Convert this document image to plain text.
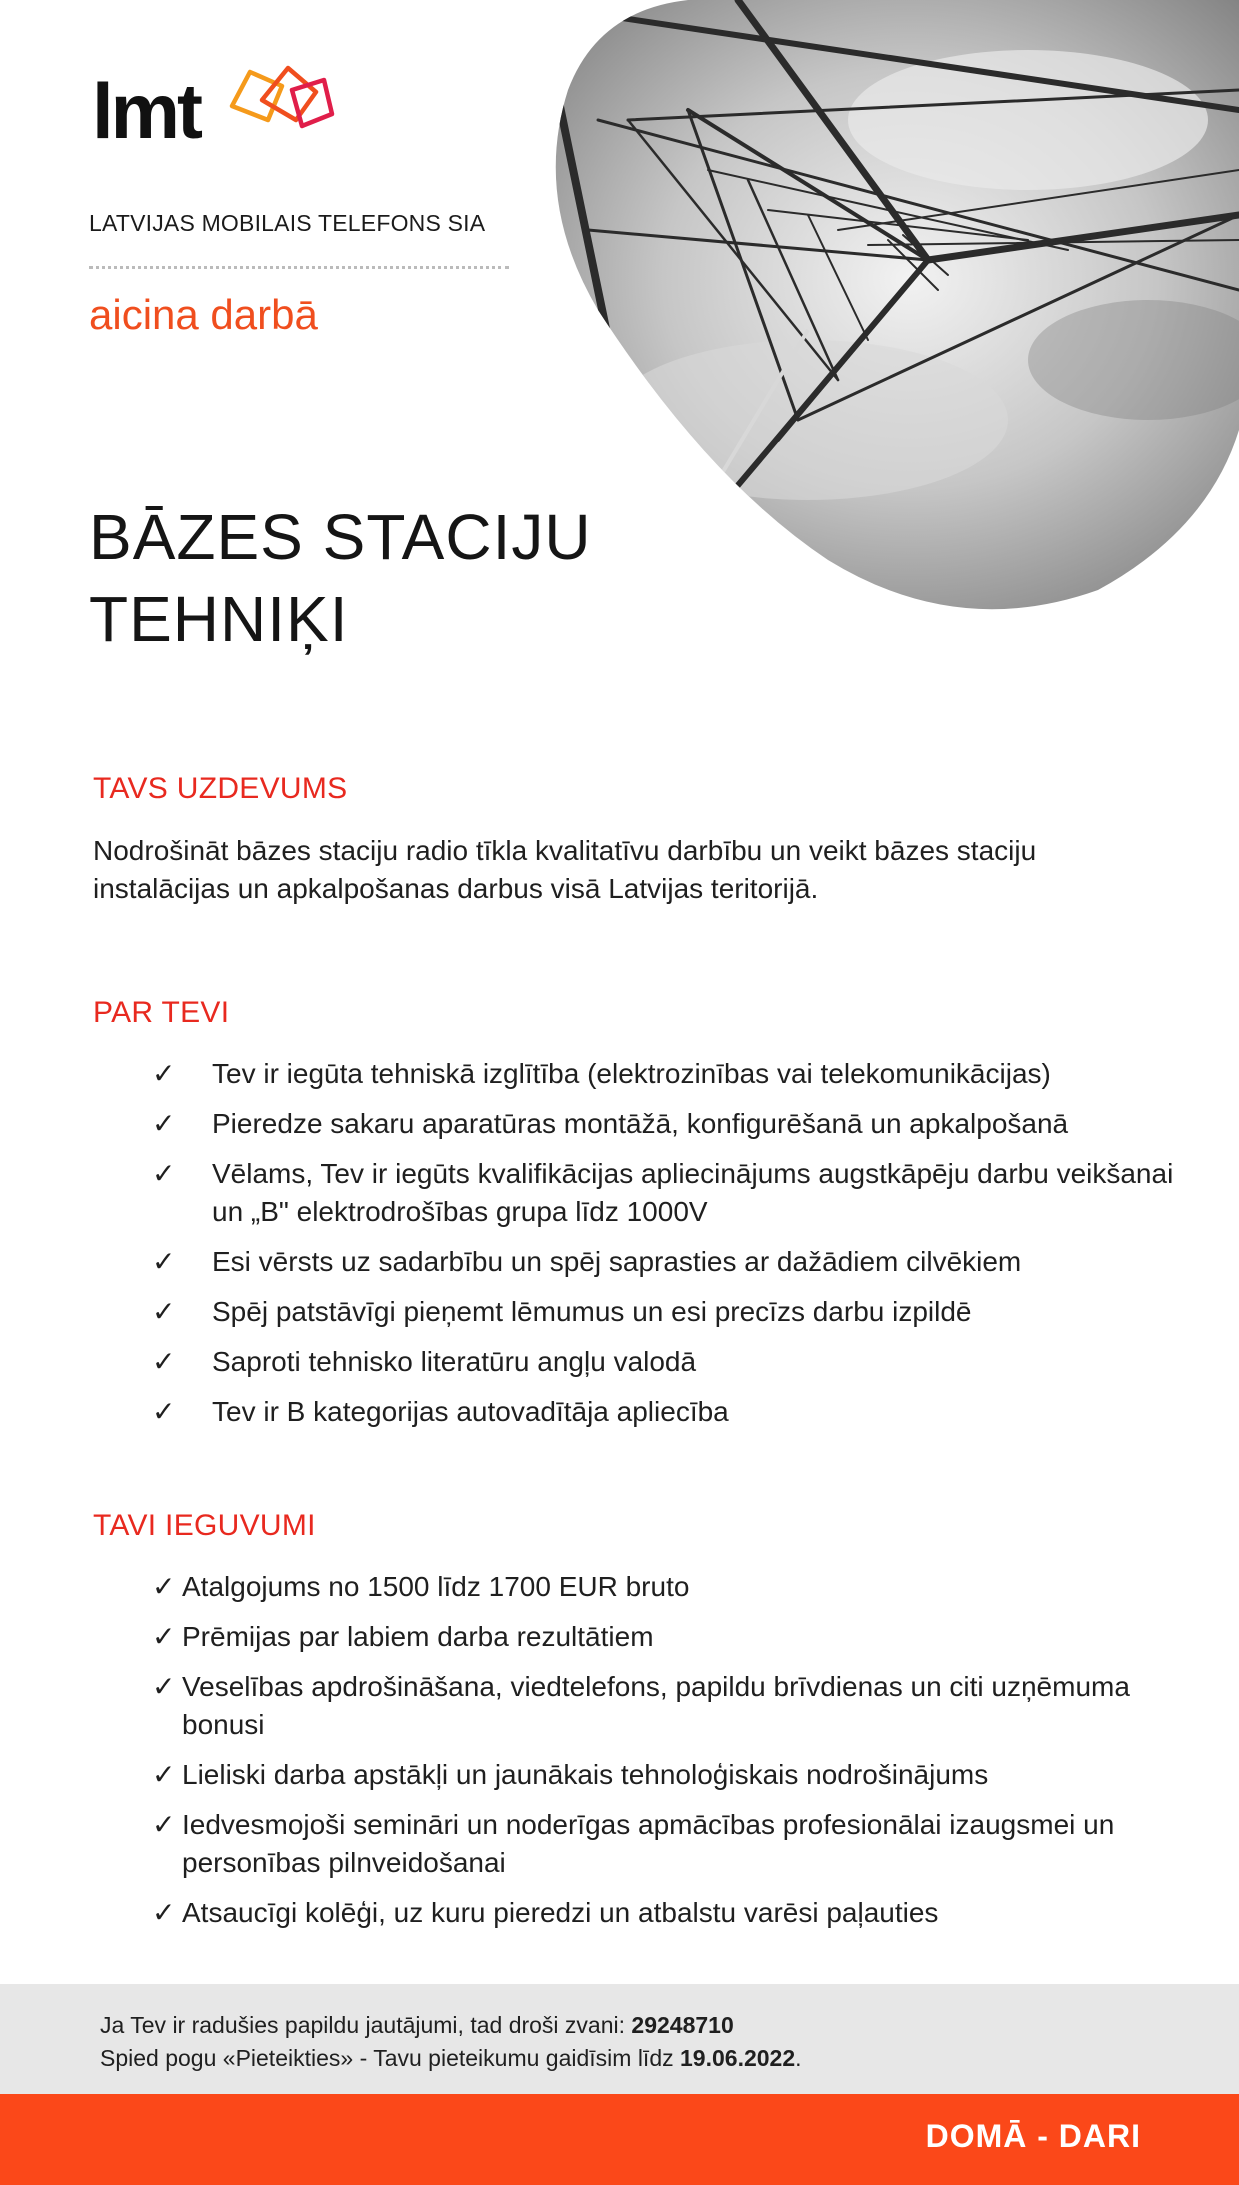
lmt
LATVIJAS MOBILAIS TELEFONS SIA
aicina darbā
BĀZES STACIJU
TEHNIĶI
TAVS UZDEVUMS
Nodrošināt bāzes staciju radio tīkla kvalitatīvu darbību un veikt bāzes staciju instalācijas un apkalpošanas darbus visā Latvijas teritorijā.
PAR TEVI
✓ Tev ir iegūta tehniskā izglītība (elektrozinības vai telekomunikācijas)
✓ Pieredze sakaru aparatūras montāžā, konfigurēšanā un apkalpošanā
✓ Vēlams, Tev ir iegūts kvalifikācijas apliecinājums augstkāpēju darbu veikšanai un „B" elektrodrošības grupa līdz 1000V
✓ Esi vērsts uz sadarbību un spēj saprasties ar dažādiem cilvēkiem
✓ Spēj patstāvīgi pieņemt lēmumus un esi precīzs darbu izpildē
✓ Saproti tehnisko literatūru angļu valodā
✓ Tev ir B kategorijas autovadītāja apliecība
TAVI IEGUVUMI
✓ Atalgojums no 1500 līdz 1700 EUR bruto
✓ Prēmijas par labiem darba rezultātiem
✓ Veselības apdrošināšana, viedtelefons, papildu brīvdienas un citi uzņēmuma bonusi
✓ Lieliski darba apstākļi un jaunākais tehnoloģiskais nodrošinājums
✓ Iedvesmojoši semināri un noderīgas apmācības profesionālai izaugsmei un personības pilnveidošanai
✓ Atsaucīgi kolēģi, uz kuru pieredzi un atbalstu varēsi paļauties

Ja Tev ir radušies papildu jautājumi, tad droši zvani: 29248710

Spied pogu «Pieteikties» - Tavu pieteikumu gaidīsim līdz 19.06.2022.

DOMĀ - DARI
